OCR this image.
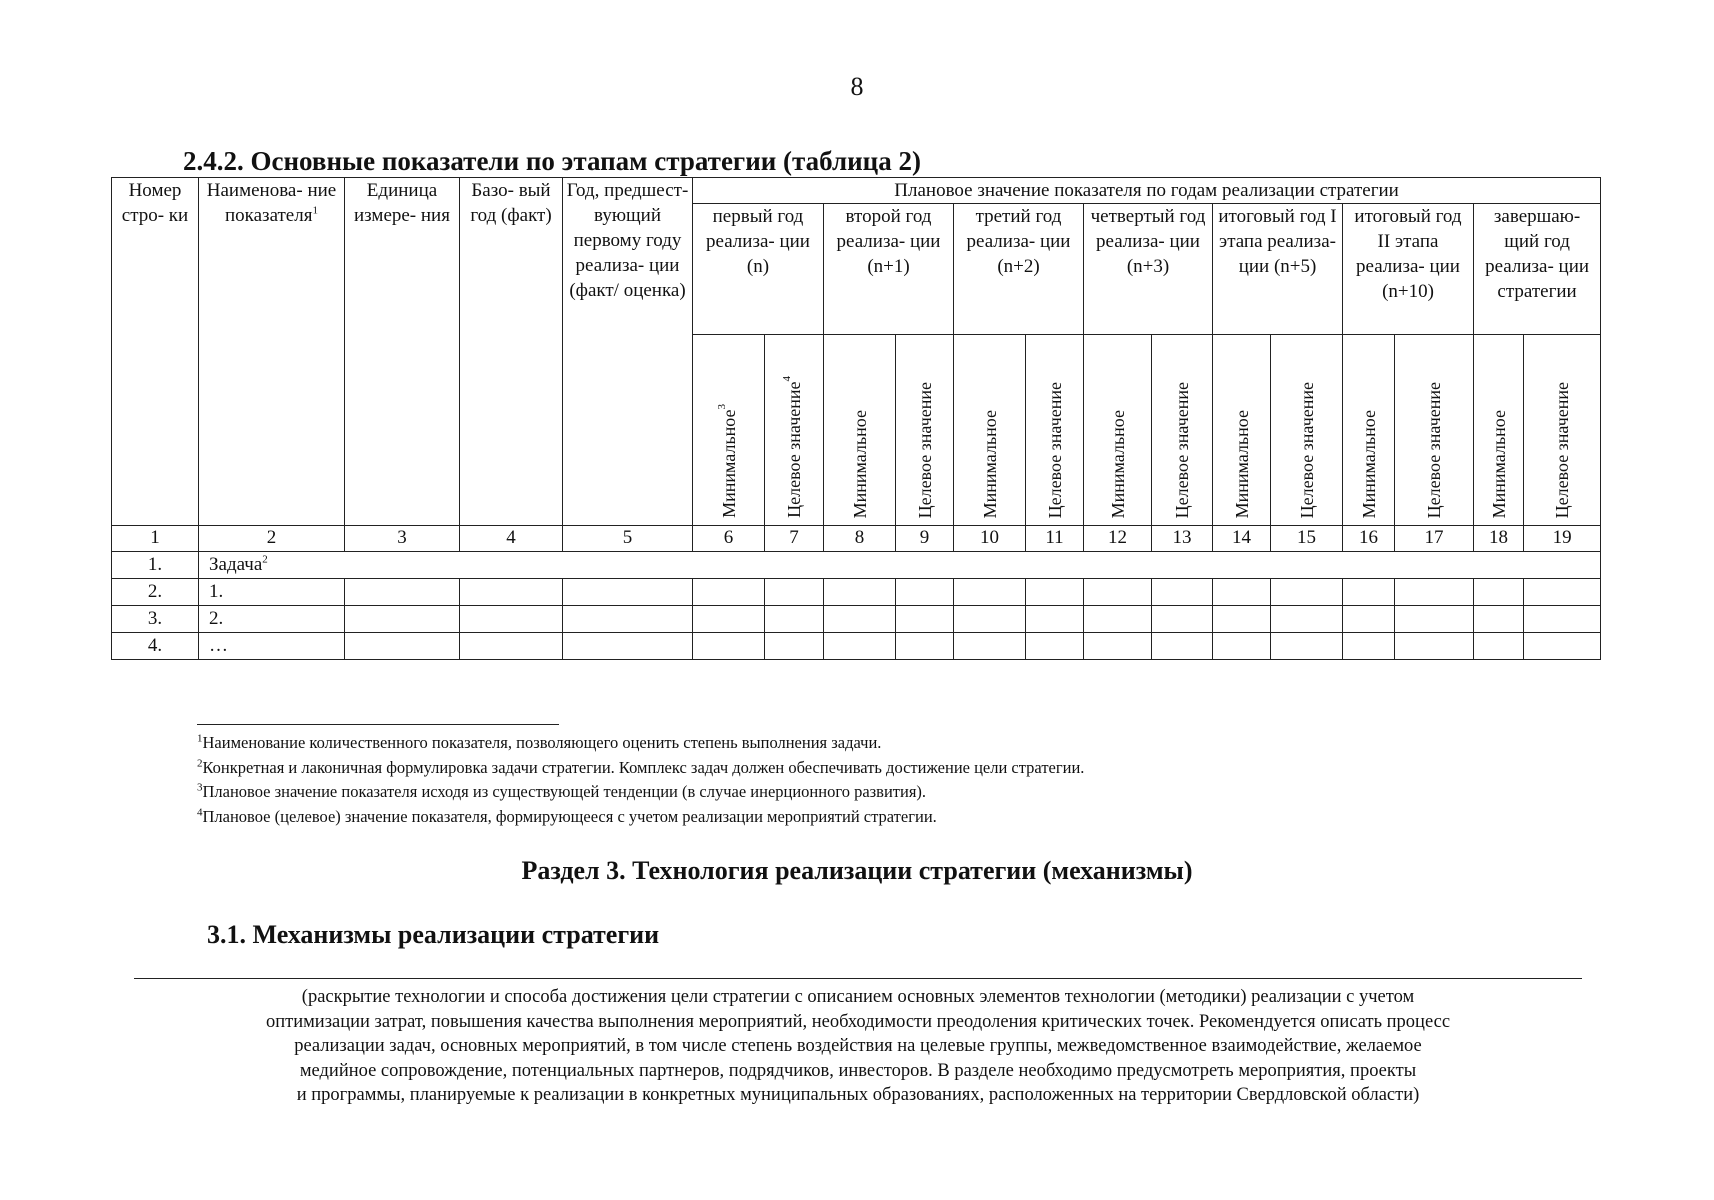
8
2.4.2. Основные показатели по этапам стратегии (таблица 2)
Номер стро- ки	Наименова- ние показателя$^1$	Единица измере- ния	Базо- вый год (факт)	Год, предшест- вующий первому году реализа- ции (факт/ оценка)	Плановое значение показателя по годам реализации стратегии													
					первый год реализа- ции (n)		второй год реализа- ции (n+1)		третий год реализа- ции (n+2)		четвертый год реализа- ции (n+3)		итоговый год I этапа реализа- ции (n+5)		итоговый год II этапа реализа- ции (n+10)		завершаю- щий год реализа- ции стратегии	
					Минимальное$^3$	Целевое значение$^4$	Минимальное	Целевое значение	Минимальное	Целевое значение	Минимальное	Целевое значение	Минимальное	Целевое значение	Минимальное	Целевое значение	Минимальное	Целевое значение
1	2	3	4	5	6	7	8	9	10	11	12	13	14	15	16	17	18	19
1.	Задача$^2$
2.	1.																	
3.	2.																	
4.	…																	
$^1$Наименование количественного показателя, позволяющего оценить степень выполнения задачи.
$^2$Конкретная и лаконичная формулировка задачи стратегии. Комплекс задач должен обеспечивать достижение цели стратегии.
$^3$Плановое значение показателя исходя из существующей тенденции (в случае инерционного развития).
$^4$Плановое (целевое) значение показателя, формирующееся с учетом реализации мероприятий стратегии.
Раздел 3. Технология реализации стратегии (механизмы)
3.1. Механизмы реализации стратегии
(раскрытие технологии и способа достижения цели стратегии с описанием основных элементов технологии (методики) реализации с учетом
оптимизации затрат, повышения качества выполнения мероприятий, необходимости преодоления критических точек. Рекомендуется описать процесс
реализации задач, основных мероприятий, в том числе степень воздействия на целевые группы, межведомственное взаимодействие, желаемое
медийное сопровождение, потенциальных партнеров, подрядчиков, инвесторов. В разделе необходимо предусмотреть мероприятия, проекты
и программы, планируемые к реализации в конкретных муниципальных образованиях, расположенных на территории Свердловской области)
